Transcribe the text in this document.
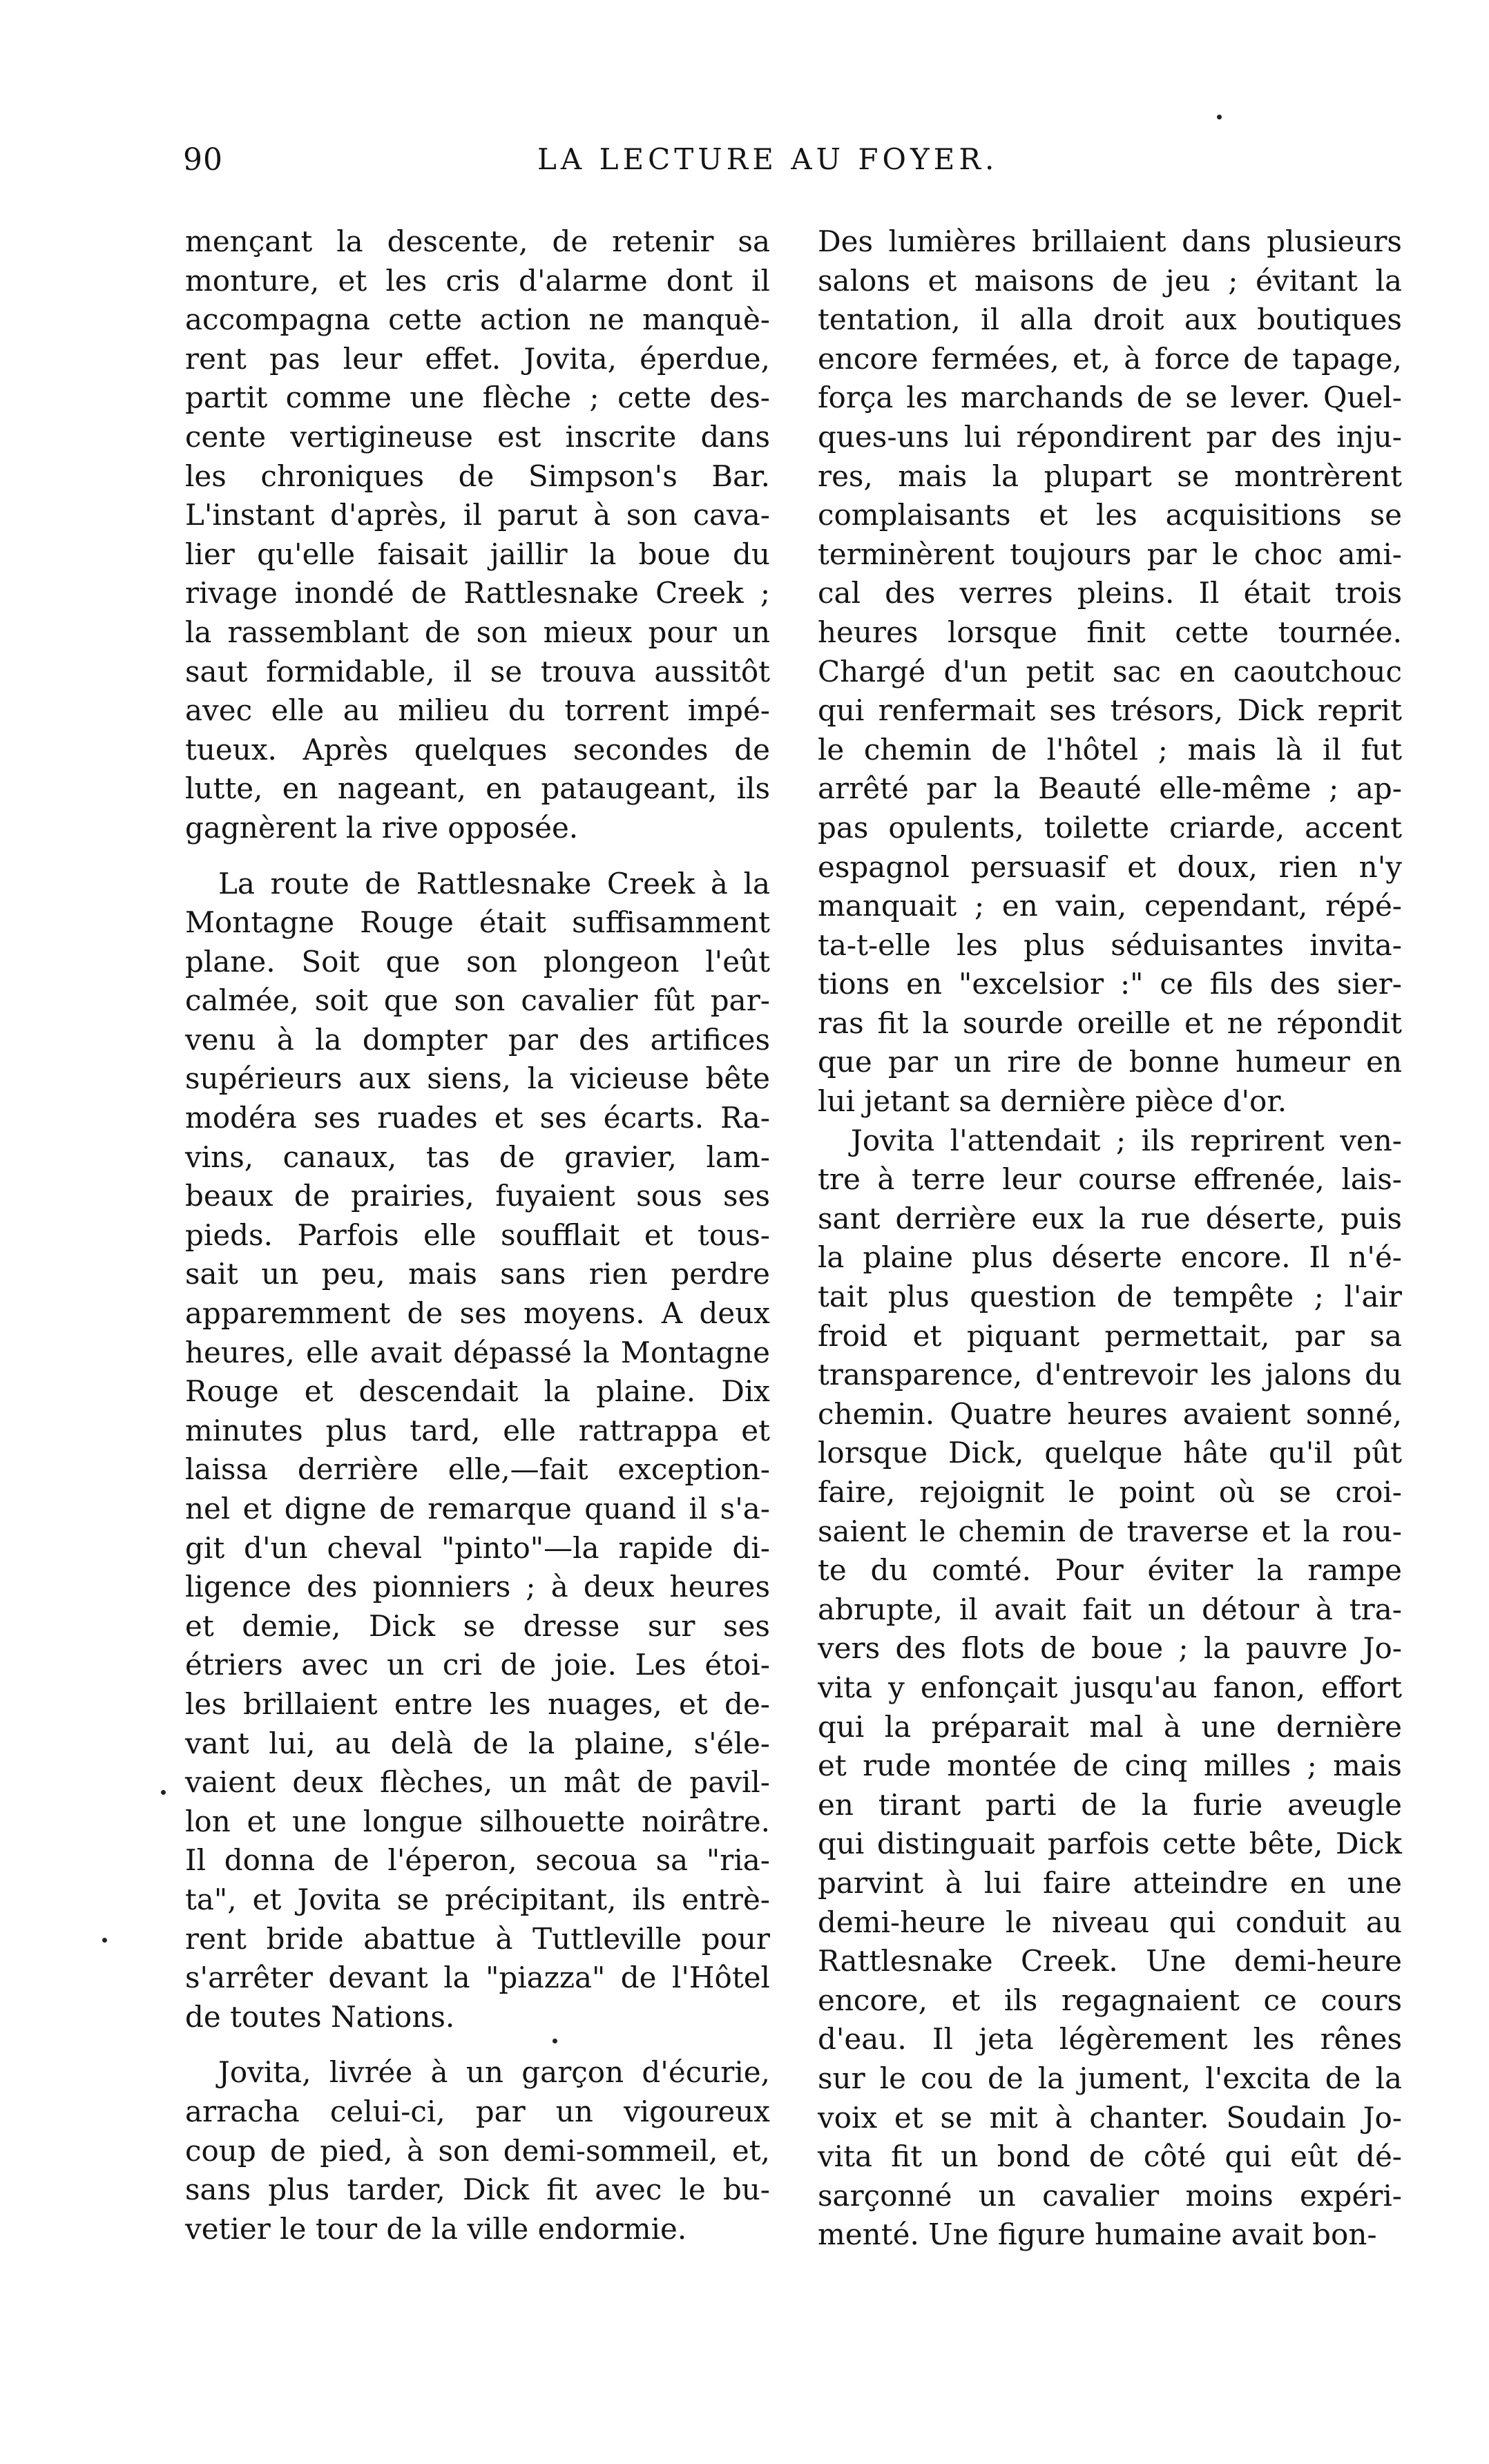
90	LA LECTURE AU FOYER.
mençant la descente, de retenir sa
monture, et les cris d'alarme dont il
accompagna cette action ne manquè-
rent pas leur effet. Jovita, éperdue,
partit comme une flèche ; cette des-
cente vertigineuse est inscrite dans
les chroniques de Simpson's Bar.
L'instant d'après, il parut à son cava-
lier qu'elle faisait jaillir la boue du
rivage inondé de Rattlesnake Creek ;
la rassemblant de son mieux pour un
saut formidable, il se trouva aussitôt
avec elle au milieu du torrent impé-
tueux. Après quelques secondes de
lutte, en nageant, en pataugeant, ils
gagnèrent la rive opposée.
La route de Rattlesnake Creek à la
Montagne Rouge était suffisamment
plane. Soit que son plongeon l'eût
calmée, soit que son cavalier fût par-
venu à la dompter par des artifices
supérieurs aux siens, la vicieuse bête
modéra ses ruades et ses écarts. Ra-
vins, canaux, tas de gravier, lam-
beaux de prairies, fuyaient sous ses
pieds. Parfois elle soufflait et tous-
sait un peu, mais sans rien perdre
apparemment de ses moyens. A deux
heures, elle avait dépassé la Montagne
Rouge et descendait la plaine. Dix
minutes plus tard, elle rattrappa et
laissa derrière elle,—fait exception-
nel et digne de remarque quand il s'a-
git d'un cheval "pinto"—la rapide di-
ligence des pionniers ; à deux heures
et demie, Dick se dresse sur ses
étriers avec un cri de joie. Les étoi-
les brillaient entre les nuages, et de-
vant lui, au delà de la plaine, s'éle-
vaient deux flèches, un mât de pavil-
lon et une longue silhouette noirâtre.
Il donna de l'éperon, secoua sa "ria-
ta", et Jovita se précipitant, ils entrè-
rent bride abattue à Tuttleville pour
s'arrêter devant la "piazza" de l'Hôtel
de toutes Nations.
Jovita, livrée à un garçon d'écurie,
arracha celui-ci, par un vigoureux
coup de pied, à son demi-sommeil, et,
sans plus tarder, Dick fit avec le bu-
vetier le tour de la ville endormie.
Des lumières brillaient dans plusieurs
salons et maisons de jeu ; évitant la
tentation, il alla droit aux boutiques
encore fermées, et, à force de tapage,
força les marchands de se lever. Quel-
ques-uns lui répondirent par des inju-
res, mais la plupart se montrèrent
complaisants et les acquisitions se
terminèrent toujours par le choc ami-
cal des verres pleins. Il était trois
heures lorsque finit cette tournée.
Chargé d'un petit sac en caoutchouc
qui renfermait ses trésors, Dick reprit
le chemin de l'hôtel ; mais là il fut
arrêté par la Beauté elle-même ; ap-
pas opulents, toilette criarde, accent
espagnol persuasif et doux, rien n'y
manquait ; en vain, cependant, répé-
ta-t-elle les plus séduisantes invita-
tions en "excelsior :" ce fils des sier-
ras fit la sourde oreille et ne répondit
que par un rire de bonne humeur en
lui jetant sa dernière pièce d'or.
Jovita l'attendait ; ils reprirent ven-
tre à terre leur course effrenée, lais-
sant derrière eux la rue déserte, puis
la plaine plus déserte encore. Il n'é-
tait plus question de tempête ; l'air
froid et piquant permettait, par sa
transparence, d'entrevoir les jalons du
chemin. Quatre heures avaient sonné,
lorsque Dick, quelque hâte qu'il pût
faire, rejoignit le point où se croi-
saient le chemin de traverse et la rou-
te du comté. Pour éviter la rampe
abrupte, il avait fait un détour à tra-
vers des flots de boue ; la pauvre Jo-
vita y enfonçait jusqu'au fanon, effort
qui la préparait mal à une dernière
et rude montée de cinq milles ; mais
en tirant parti de la furie aveugle
qui distinguait parfois cette bête, Dick
parvint à lui faire atteindre en une
demi-heure le niveau qui conduit au
Rattlesnake Creek. Une demi-heure
encore, et ils regagnaient ce cours
d'eau. Il jeta légèrement les rênes
sur le cou de la jument, l'excita de la
voix et se mit à chanter. Soudain Jo-
vita fit un bond de côté qui eût dé-
sarçonné un cavalier moins expéri-
menté. Une figure humaine avait bon-
